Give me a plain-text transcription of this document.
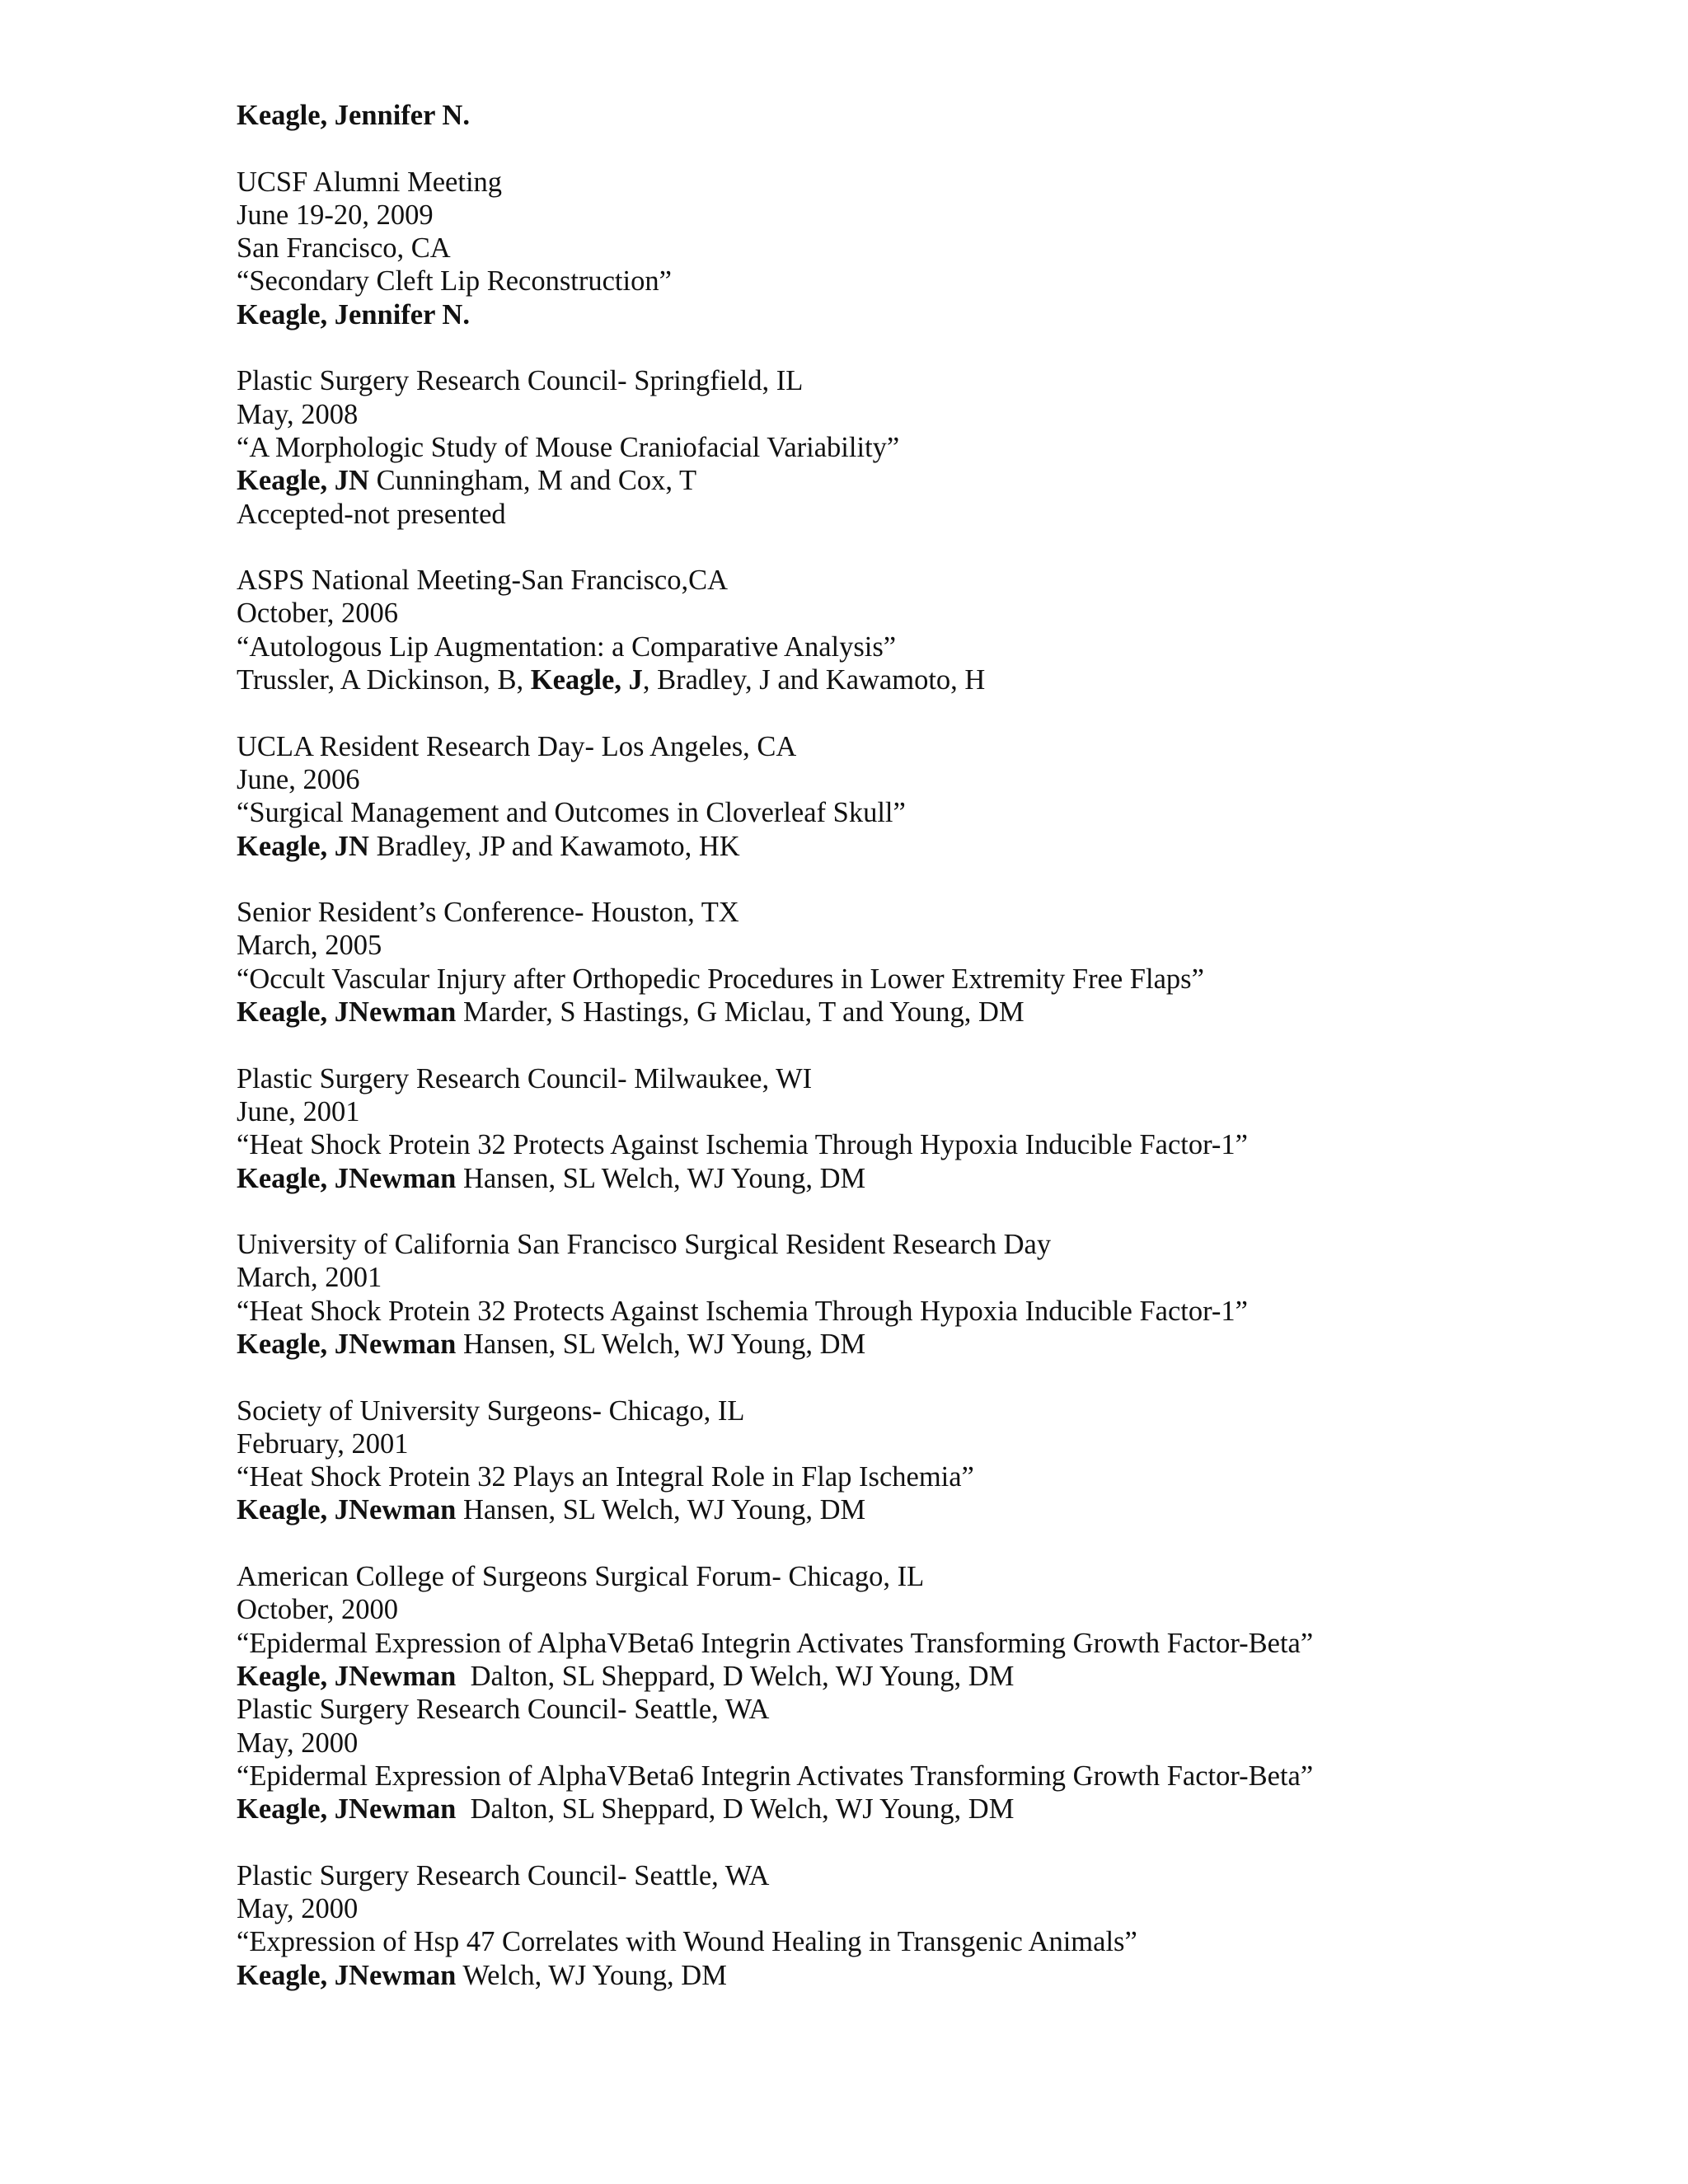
Keagle, Jennifer N.
UCSF Alumni Meeting
June 19-20, 2009
San Francisco, CA
“Secondary Cleft Lip Reconstruction”
Keagle, Jennifer N.
Plastic Surgery Research Council- Springfield, IL
May, 2008
“A Morphologic Study of Mouse Craniofacial Variability”
Keagle, JN Cunningham, M and Cox, T
Accepted-not presented
ASPS National Meeting-San Francisco,CA
October, 2006
“Autologous Lip Augmentation: a Comparative Analysis”
Trussler, A Dickinson, B, Keagle, J, Bradley, J and Kawamoto, H
UCLA Resident Research Day- Los Angeles, CA
June, 2006
“Surgical Management and Outcomes in Cloverleaf Skull”
Keagle, JN Bradley, JP and Kawamoto, HK
Senior Resident’s Conference- Houston, TX
March, 2005
“Occult Vascular Injury after Orthopedic Procedures in Lower Extremity Free Flaps”
Keagle, JNewman Marder, S Hastings, G Miclau, T and Young, DM
Plastic Surgery Research Council- Milwaukee, WI
June, 2001
“Heat Shock Protein 32 Protects Against Ischemia Through Hypoxia Inducible Factor-1”
Keagle, JNewman Hansen, SL Welch, WJ Young, DM
University of California San Francisco Surgical Resident Research Day
March, 2001
“Heat Shock Protein 32 Protects Against Ischemia Through Hypoxia Inducible Factor-1”
Keagle, JNewman Hansen, SL Welch, WJ Young, DM
Society of University Surgeons- Chicago, IL
February, 2001
“Heat Shock Protein 32 Plays an Integral Role in Flap Ischemia”
Keagle, JNewman Hansen, SL Welch, WJ Young, DM
American College of Surgeons Surgical Forum- Chicago, IL
October, 2000
“Epidermal Expression of AlphaVBeta6 Integrin Activates Transforming Growth Factor-Beta”
Keagle, JNewman  Dalton, SL Sheppard, D Welch, WJ Young, DM
Plastic Surgery Research Council- Seattle, WA
May, 2000
“Epidermal Expression of AlphaVBeta6 Integrin Activates Transforming Growth Factor-Beta”
Keagle, JNewman  Dalton, SL Sheppard, D Welch, WJ Young, DM
Plastic Surgery Research Council- Seattle, WA
May, 2000
“Expression of Hsp 47 Correlates with Wound Healing in Transgenic Animals”
Keagle, JNewman Welch, WJ Young, DM
